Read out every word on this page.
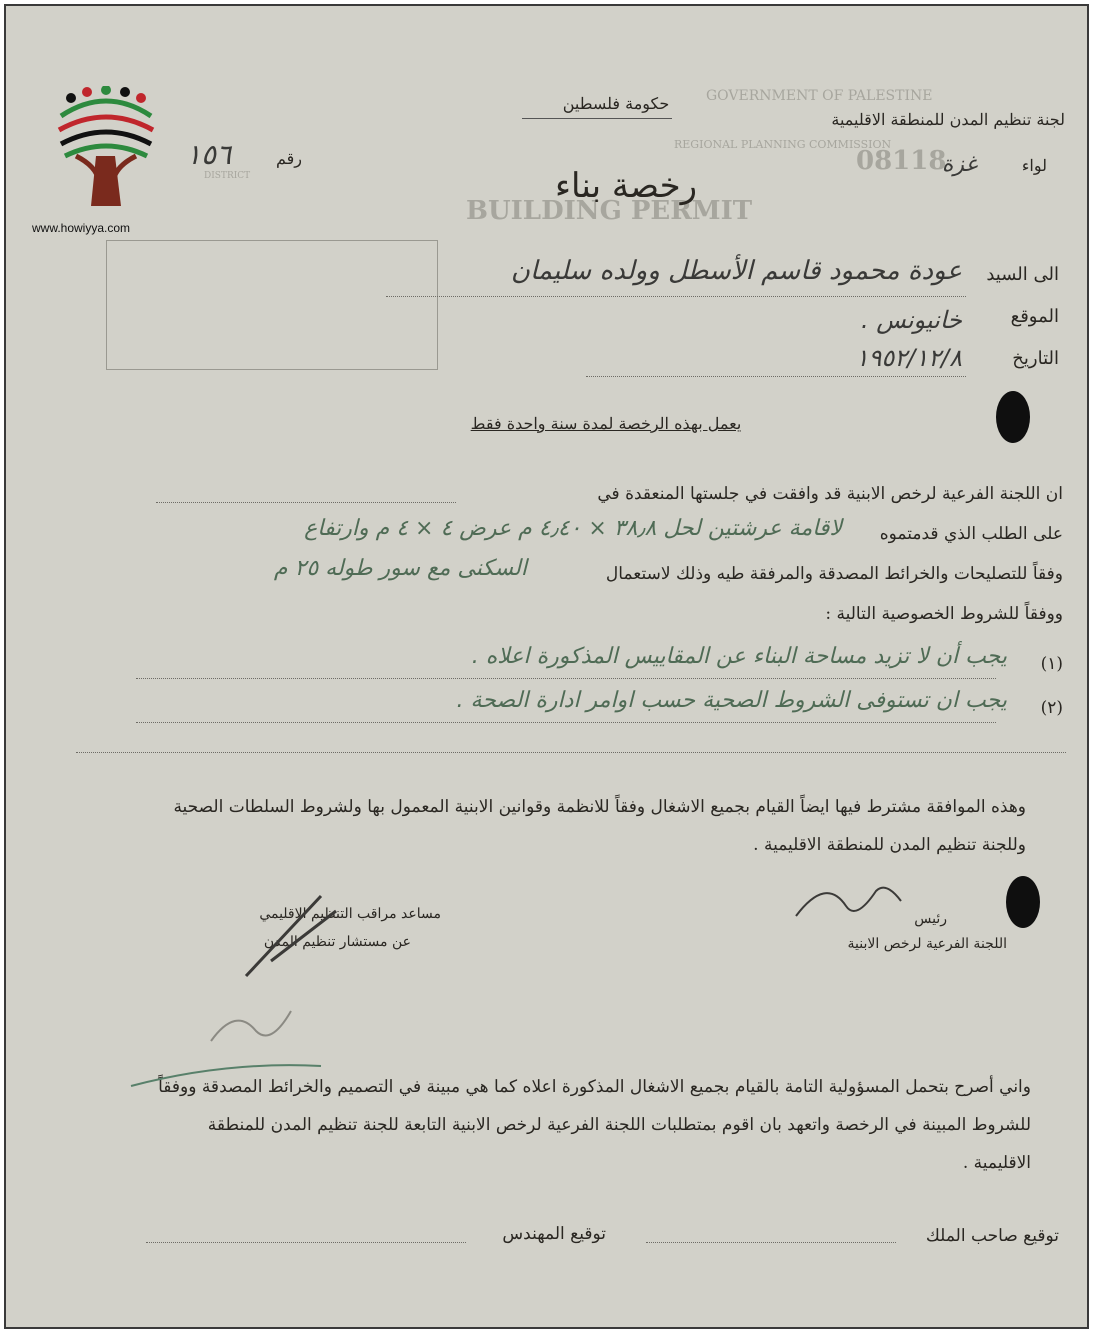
www.howiyya.com
GOVERNMENT OF PALESTINE
REGIONAL PLANNING COMMISSION
DISTRICT
BUILDING PERMIT
08118
لجنة تنظيم المدن للمنطقة الاقليمية
حكومة فلسطين
لواء
غزة
رقم
١٥٦
رخصة بناء
الى السيد
عودة محمود قاسم الأسطل وولده سليمان
الموقع
خانيونس .
التاريخ
١٩٥٢/١٢/٨
يعمل بهذه الرخصة لمدة سنة واحدة فقط
ان اللجنة الفرعية لرخص الابنية قد وافقت في جلستها المنعقدة في
على الطلب الذي قدمتموه
لاقامة عرشتين لحل ٣٨٫٨ × ٤٫٤٠ م عرض ٤ × ٤ م وارتفاع
وفقاً للتصليحات والخرائط المصدقة والمرفقة طيه وذلك لاستعمال
السكنى مع سور طوله ٢٥ م
ووفقاً للشروط الخصوصية التالية :
(١)
يجب أن لا تزيد مساحة البناء عن المقاييس المذكورة اعلاه .
(٢)
يجب ان تستوفى الشروط الصحية حسب اوامر ادارة الصحة .
وهذه الموافقة مشترط فيها ايضاً القيام بجميع الاشغال وفقاً للانظمة وقوانين الابنية المعمول بها ولشروط السلطات الصحية وللجنة تنظيم المدن للمنطقة الاقليمية .
رئيس
اللجنة الفرعية لرخص الابنية
مساعد مراقب التنظيم الاقليمي
عن مستشار تنظيم المدن
واني أصرح بتحمل المسؤولية التامة بالقيام بجميع الاشغال المذكورة اعلاه كما هي مبينة في التصميم والخرائط المصدقة ووفقاً للشروط المبينة في الرخصة واتعهد بان اقوم بمتطلبات اللجنة الفرعية لرخص الابنية التابعة للجنة تنظيم المدن للمنطقة الاقليمية .
توقيع صاحب الملك
توقيع المهندس
